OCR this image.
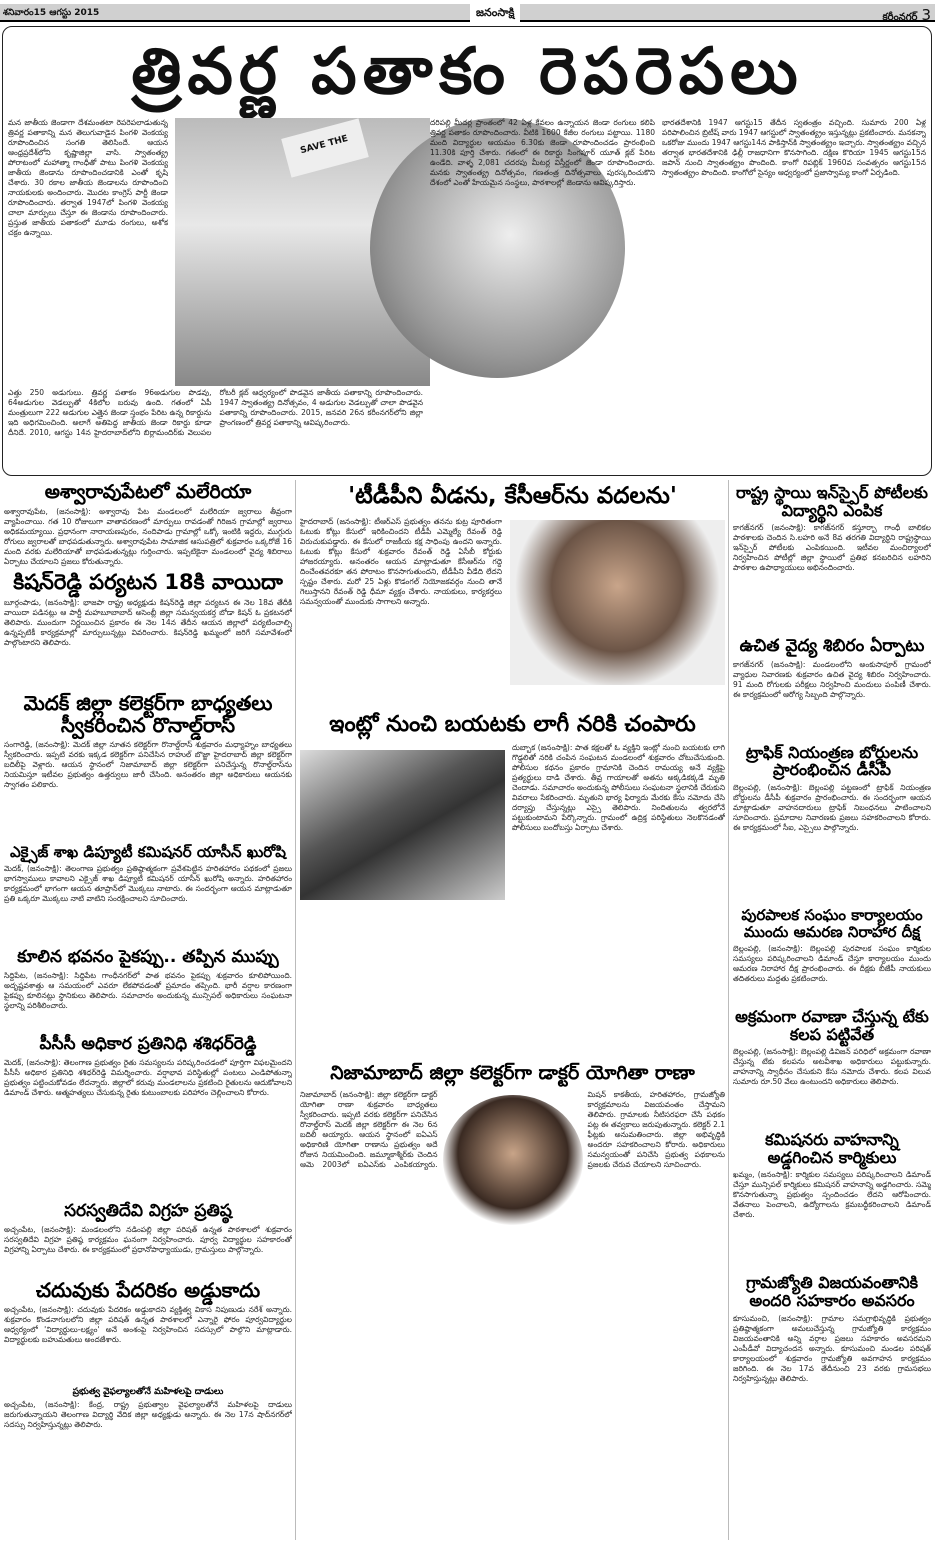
శనివారం15 ఆగస్టు 2015	జనంసాక్షి	కరీంనగర్ 3
త్రివర్ణ పతాకం రెపరెపలు
మన జాతీయ జెండాగా దేశమంతటా రెపరెపలాడుతున్న త్రివర్ణ పతాకాన్ని మన తెలుగువాడైన పింగళి వెంకయ్య రూపొందించిన సంగతి తెలిసిందే. ఆయన ఆంధ్రప్రదేశ్‌లోని కృష్ణాజిల్లా వాసి. స్వాతంత్య్ర పోరాటంలో మహాత్మా గాంధీతో పాటు పింగళి వెంకయ్య జాతీయ జెండాను రూపొందించడానికి ఎంతో కృషి చేశారు. 30 రకాల జాతీయ జెండాలను రూపొందించి నాయకులకు అందించారు. మొదట కాంగ్రెస్ పార్టీ జెండా రూపొందించారు. తర్వాత 1947లో పింగళి వెంకయ్య చాలా మార్పులు చేస్తూ ఈ జెండాను రూపొందించారు. ప్రస్తుత జాతీయ పతాకంలో మూడు రంగులు, అశోక చక్రం ఉన్నాయి.
SAVE THE
ఎత్తు 250 అడుగులు. త్రివర్ణ పతాకం 96అడుగుల పొడవు, 64అడుగుల వెడల్పుతో 4కిలోల బరువు ఉంది. గతంలో ఏపీ మంత్రులుగా 222 అడుగుల ఎత్తైన జెండా స్తంభం పేరిట ఉన్న రికార్డును ఇది అధిగమించింది. అలాగే అతిపెద్ద జాతీయ జెండా రికార్డు కూడా దీనిదే. 2010, ఆగస్టు 14న హైదరాబాద్‌లోని బిర్లామందిర్‌కు వెలుపల రోటరీ క్లబ్ ఆధ్వర్యంలో పొడవైన జాతీయ పతాకాన్ని రూపొందించారు. 1947 స్వాతంత్య్ర దినోత్సవం, 4 అడుగుల వెడల్పుతో చాలా పొడవైన పతాకాన్ని రూపొందించారు. 2015, జనవరి 26న కరీంనగర్‌లోని జిల్లా ప్రాంగణంలో త్రివర్ణ పతాకాన్ని ఆవిష్కరించారు.
దరిపల్లి మీదర్ల ప్రాంతంలో 42 ఏళ్ల కేవలం ఉన్నాయన జెండా రంగులు కలిపి త్రివర్ణ పతాకం రూపొందించారు. వీటికి 1600 కేజీల రంగులు పట్టాయి. 1180 మంది విద్యార్థుల ఆయమం 6.30కు జెండా రూపొందించడం ప్రారంభించి 11.30కి పూర్తి చేశారు. గతంలో ఈ రికార్డు సింగపూర్ యూత్ క్లబ్ పేరిట ఉండేది. వాళ్ళ 2,081 చదరపు మీటర్ల విస్తీర్ణంలో జెండా రూపొందించారు. మనకు స్వాతంత్య్ర దినోత్సవం, గణతంత్ర దినోత్సవాలు పురస్కరించుకొని దేశంలో ఎంతో హేయమైన సంస్థలు, పాఠశాలల్లో జెండాను ఆవిష్కరిస్తారు.
భారతదేశానికి 1947 ఆగస్టు15 తేదీన స్వతంత్రం వచ్చింది. సుమారు 200 ఏళ్ల పరిపాలించిన బ్రిటీష్ వారు 1947 ఆగస్టులో స్వాతంత్య్రం ఇస్తున్నట్లు ప్రకటించారు. మనకన్నా ఒకరోజు ముందు 1947 ఆగస్టు14న పాకిస్తాన్‌కి స్వాతంత్య్రం ఇచ్చారు. స్వాతంత్య్రం వచ్చిన తర్వాత భారతదేశానికి ఢిల్లీ రాజధానిగా కొనసాగింది. దక్షిణ కొరియా 1945 ఆగస్టు15న జపాన్ నుంచి స్వాతంత్య్రం పొందింది. కాంగో రిపబ్లిక్ 1960వ సంవత్సరం ఆగస్టు15న స్వాతంత్య్రం పొందింది. కాంగోలో సైన్యం ఆధ్వర్యంలో ప్రజాస్వామ్య కాంగో ఏర్పడింది.
అశ్వారావుపేటలో మలేరియా
అశ్వారావుపేట, (జనంసాక్షి): అశ్వారావు పేట మండలంలో మలేరియా జ్వరాలు తీవ్రంగా వ్యాపించాయి. గత 10 రోజులుగా వాతావరణంలో మార్పులు రావడంతో గిరిజన గ్రామాల్లో జ్వరాలు అధికమయ్యాయి. ప్రధానంగా నారాయణపురం, నందిపాడు గ్రామాల్లో ఒక్కో ఇంటికి ఇద్దరు, ముగ్గురు రోగులు జ్వరాలతో బాధపడుతున్నారు. అశ్వారావుపేట సామాజిక ఆసుపత్రిలో శుక్రవారం ఒక్కరోజే 16 మంది వరకు మలేరియాతో బాధపడుతున్నట్లు గుర్తించారు. ఇప్పటికైనా మండలంలో వైద్య శిబిరాలు ఏర్పాటు చేయాలని ప్రజలు కోరుతున్నారు.
కిషన్‌రెడ్డి పర్యటన 18కి వాయిదా
బూర్గంపాడు, (జనంసాక్షి): భాజపా రాష్ట్ర అధ్యక్షుడు కిషన్‌రెడ్డి జిల్లా పర్యటన ఈ నెల 18వ తేదీకి వాయిదా పడినట్లు ఆ పార్టీ మహబూబాబాద్ అసెంబ్లీ జిల్లా సమన్వయకర్త బోడా కిషన్ ఓ ప్రకటనలో తెలిపారు. ముందుగా నిర్ణయించిన ప్రకారం ఈ నెల 14న తేదీన ఆయన జిల్లాలో పర్యటించాల్సి ఉన్నప్పటికీ కార్యక్రమాల్లో మార్పులున్నట్లు వివరించారు. కిషన్‌రెడ్డి ఖమ్మంలో జరిగే సమావేశంలో పాల్గొంటారని తెలిపారు.
మెదక్ జిల్లా కలెక్టర్‌గా బాధ్యతలు స్వీకరించిన రొనాల్డ్‌రాస్
సంగారెడ్డి, (జనంసాక్షి): మెదక్ జిల్లా నూతన కలెక్టర్‌గా రొనాల్డ్‌రాస్ శుక్రవారం మధ్యాహ్నం బాధ్యతలు స్వీకరించారు. ఇప్పటి వరకు ఇక్కడ కలెక్టర్‌గా పనిచేసిన రాహుల్ బొజ్జా హైదరాబాద్ జిల్లా కలెక్టర్‌గా బదిలీపై వెళ్లారు. ఆయన స్థానంలో నిజామాబాద్ జిల్లా కలెక్టర్‌గా పనిచేస్తున్న రొనాల్డ్‌రాస్‌ను నియమిస్తూ ఇటీవల ప్రభుత్వం ఉత్తర్వులు జారీ చేసింది. అనంతరం జిల్లా అధికారులు ఆయనకు స్వాగతం పలికారు.
ఎక్సైజ్ శాఖ డిప్యూటీ కమిషనర్ యాసీన్ ఖురోషి
మెదక్, (జనంసాక్షి): తెలంగాణ ప్రభుత్వం ప్రతిష్ఠాత్మకంగా ప్రవేశపెట్టిన హరితహారం పథకంలో ప్రజలు భాగస్వాములు కావాలని ఎక్సైజ్ శాఖ డిప్యూటీ కమిషనర్ యాసీన్ ఖురోషి అన్నారు. హరితహారం కార్యక్రమంలో భాగంగా ఆయన తూప్రాన్‌లో మొక్కలు నాటారు. ఈ సందర్భంగా ఆయన మాట్లాడుతూ ప్రతి ఒక్కరూ మొక్కలు నాటి వాటిని సంరక్షించాలని సూచించారు.
కూలిన భవనం పైకప్పు.. తప్పిన ముప్పు
సిద్దిపేట, (జనంసాక్షి): సిద్దిపేట గాంధీనగర్‌లో పాత భవనం పైకప్పు శుక్రవారం కూలిపోయింది. అదృష్టవశాత్తు ఆ సమయంలో ఎవరూ లేకపోవడంతో ప్రమాదం తప్పింది. భారీ వర్షాల కారణంగా పైకప్పు కూలినట్లు స్థానికులు తెలిపారు. సమాచారం అందుకున్న మున్సిపల్ అధికారులు సంఘటనా స్థలాన్ని పరిశీలించారు.
పీసీసీ అధికార ప్రతినిధి శశిధర్‌రెడ్డి
మెదక్, (జనంసాక్షి): తెలంగాణ ప్రభుత్వం రైతు సమస్యలను పరిష్కరించడంలో పూర్తిగా విఫలమైందని పీసీసీ అధికార ప్రతినిధి శశిధర్‌రెడ్డి విమర్శించారు. వర్షాభావ పరిస్థితుల్లో పంటలు ఎండిపోతున్నా ప్రభుత్వం పట్టించుకోవడం లేదన్నారు. జిల్లాలో కరువు మండలాలను ప్రకటించి రైతులను ఆదుకోవాలని డిమాండ్ చేశారు. ఆత్మహత్యలు చేసుకున్న రైతు కుటుంబాలకు పరిహారం చెల్లించాలని కోరారు.
సరస్వతిదేవి విగ్రహ ప్రతిష్ఠ
అచ్చంపేట, (జనంసాక్షి): మండలంలోని నడింపల్లి జిల్లా పరిషత్ ఉన్నత పాఠశాలలో శుక్రవారం సరస్వతిదేవి విగ్రహ ప్రతిష్ఠ కార్యక్రమం ఘనంగా నిర్వహించారు. పూర్వ విద్యార్థుల సహకారంతో విగ్రహాన్ని ఏర్పాటు చేశారు. ఈ కార్యక్రమంలో ప్రధానోపాధ్యాయుడు, గ్రామస్తులు పాల్గొన్నారు.
చదువుకు పేదరికం అడ్డుకాదు
అచ్చంపేట, (జనంసాక్షి): చదువుకు పేదరికం అడ్డుకాదని వ్యక్తిత్వ వికాస నిపుణుడు నరేశ్ అన్నారు. శుక్రవారం కొండనాగులలోని జిల్లా పరిషత్ ఉన్నత పాఠశాలలో ఎన్నారై ఫోరం పూర్వవిద్యార్థుల ఆధ్వర్యంలో 'విద్యార్థులు-లక్ష్యం' అనే అంశంపై నిర్వహించిన సదస్సులో పాల్గొని మాట్లాడారు. విద్యార్థులకు బహుమతులు అందజేశారు.
ప్రభుత్వ వైఫల్యాలతోనే మహిళలపై దాడులు
అచ్చంపేట, (జనంసాక్షి): కేంద్ర, రాష్ట్ర ప్రభుత్వాల వైఫల్యాలతోనే మహిళలపై దాడులు జరుగుతున్నాయని తెలంగాణ విద్యార్థి వేదిక జిల్లా అధ్యక్షుడు అన్నారు. ఈ నెల 17న షాద్‌నగర్‌లో సదస్సు నిర్వహిస్తున్నట్లు తెలిపారు.
'టీడీపీని వీడను, కేసీఆర్‌ను వదలను'
హైదరాబాద్ (జనంసాక్షి): టీఆర్‌ఎస్ ప్రభుత్వం తనను కుట్ర పూరితంగా ఓటుకు కోట్లు కేసులో ఇరికించిందని టీడీపీ ఎమ్మెల్యే రేవంత్ రెడ్డి విరుచుకుపడ్డారు. ఈ కేసులో రాజకీయ కక్ష సాధింపు ఉందని అన్నారు. ఓటుకు కోట్లు కేసులో శుక్రవారం రేవంత్ రెడ్డి ఏసీబీ కోర్టుకు హాజరయ్యారు. అనంతరం ఆయన మాట్లాడుతూ కేసీఆర్‌ను గద్దె దించేంతవరకూ తన పోరాటం కొనసాగుతుందని, టీడీపీని వీడేది లేదని స్పష్టం చేశారు. మరో 25 ఏళ్లు కొడంగల్ నియోజకవర్గం నుంచి తానే గెలుస్తానని రేవంత్ రెడ్డి ధీమా వ్యక్తం చేశారు. నాయకులు, కార్యకర్తలు సమన్వయంతో ముందుకు సాగాలని అన్నారు.
ఇంట్లో నుంచి బయటకు లాగీ నరికి చంపారు
దుబ్బాక (జనంసాక్షి): పాత కక్షలతో ఓ వ్యక్తిని ఇంట్లో నుంచి బయటకు లాగి గొడ్డలితో నరికి చంపిన సంఘటన మండలంలో శుక్రవారం చోటుచేసుకుంది. పోలీసుల కథనం ప్రకారం గ్రామానికి చెందిన రామయ్య అనే వ్యక్తిపై ప్రత్యర్థులు దాడి చేశారు. తీవ్ర గాయాలతో అతను అక్కడికక్కడే మృతి చెందాడు. సమాచారం అందుకున్న పోలీసులు సంఘటనా స్థలానికి చేరుకుని వివరాలు సేకరించారు. మృతుని భార్య ఫిర్యాదు మేరకు కేసు నమోదు చేసి దర్యాప్తు చేస్తున్నట్లు ఎస్సై తెలిపారు. నిందితులను త్వరలోనే పట్టుకుంటామని పేర్కొన్నారు. గ్రామంలో ఉద్రిక్త పరిస్థితులు నెలకొనడంతో పోలీసులు బందోబస్తు ఏర్పాటు చేశారు.
నిజామాబాద్ జిల్లా కలెక్టర్‌గా డాక్టర్ యోగితా రాణా
నిజామాబాద్ (జనంసాక్షి): జిల్లా కలెక్టర్‌గా డాక్టర్ యోగితా రాణా శుక్రవారం బాధ్యతలు స్వీకరించారు. ఇప్పటి వరకు కలెక్టర్‌గా పనిచేసిన రొనాల్డ్‌రాస్ మెదక్ జిల్లా కలెక్టర్‌గా ఈ నెల 6న బదిలీ అయ్యారు. ఆయన స్థానంలో ఐఏఎస్ అధికారిణి యోగితా రాణాను ప్రభుత్వం అదే రోజున నియమించింది. జమ్మూకాశ్మీర్‌కు చెందిన ఆమె 2003లో ఐఏఎస్‌కు ఎంపికయ్యారు. మిషన్ కాకతీయ, హరితహారం, గ్రామజ్యోతి కార్యక్రమాలను విజయవంతం చేస్తామని తెలిపారు. గ్రామాలకు నీటిసరఫరా చేసే పథకం పట్ల ఈ తవ్వకాలు జరుపుతున్నారు. కలెక్టర్ 2.1 ఫీట్లకు అనుమతించారు. జిల్లా అభివృద్ధికి అందరూ సహకరించాలని కోరారు. అధికారులు సమన్వయంతో పనిచేసి ప్రభుత్వ పథకాలను ప్రజలకు చేరువ చేయాలని సూచించారు.
రాష్ట్ర స్థాయి ఇన్‌స్పైర్ పోటీలకు విద్యార్థిని ఎంపిక
కాగజ్‌నగర్ (జనంసాక్షి): కాగజ్‌నగర్ కస్తూర్బా గాంధీ బాలికల పాఠశాలకు చెందిన సి.లహరి అనే 8వ తరగతి విద్యార్థిని రాష్ట్రస్థాయి ఇన్‌స్పైర్ పోటీలకు ఎంపికయింది. ఇటీవల మంచిర్యాలలో నిర్వహించిన పోటీల్లో జిల్లా స్థాయిలో ప్రతిభ కనబరిచిన లహరిని పాఠశాల ఉపాధ్యాయులు అభినందించారు.
ఉచిత వైద్య శిబిరం ఏర్పాటు
కాగజ్‌నగర్ (జనంసాక్షి): మండలంలోని అంకుసాపూర్ గ్రామంలో వ్యాధుల నివారణకు శుక్రవారం ఉచిత వైద్య శిబిరం నిర్వహించారు. 91 మంది రోగులకు పరీక్షలు నిర్వహించి మందులు పంపిణీ చేశారు. ఈ కార్యక్రమంలో ఆరోగ్య సిబ్బంది పాల్గొన్నారు.
ట్రాఫిక్ నియంత్రణ బోర్డులను ప్రారంభించిన డీసీపీ
బెల్లంపల్లి, (జనంసాక్షి): బెల్లంపల్లి పట్టణంలో ట్రాఫిక్ నియంత్రణ బోర్డులను డీసీపీ శుక్రవారం ప్రారంభించారు. ఈ సందర్భంగా ఆయన మాట్లాడుతూ వాహనదారులు ట్రాఫిక్ నిబంధనలు పాటించాలని సూచించారు. ప్రమాదాల నివారణకు ప్రజలు సహకరించాలని కోరారు. ఈ కార్యక్రమంలో సీఐ, ఎస్సైలు పాల్గొన్నారు.
పురపాలక సంఘం కార్యాలయం ముందు ఆమరణ నిరాహార దీక్ష
బెల్లంపల్లి, (జనంసాక్షి): బెల్లంపల్లి పురపాలక సంఘం కార్మికుల సమస్యలు పరిష్కరించాలని డిమాండ్ చేస్తూ కార్యాలయం ముందు ఆమరణ నిరాహార దీక్ష ప్రారంభించారు. ఈ దీక్షకు బీజేపీ నాయకులు తదితరులు మద్దతు ప్రకటించారు.
అక్రమంగా రవాణా చేస్తున్న టేకు కలప పట్టివేత
బెల్లంపల్లి, (జనంసాక్షి): బెల్లంపల్లి డివిజన్ పరిధిలో అక్రమంగా రవాణా చేస్తున్న టేకు కలపను అటవీశాఖ అధికారులు పట్టుకున్నారు. వాహనాన్ని స్వాధీనం చేసుకుని కేసు నమోదు చేశారు. కలప విలువ సుమారు రూ.50 వేలు ఉంటుందని అధికారులు తెలిపారు.
కమిషనరు వాహనాన్ని అడ్డగించిన కార్మికులు
ఖమ్మం, (జనంసాక్షి): కార్మికుల సమస్యలు పరిష్కరించాలని డిమాండ్ చేస్తూ మున్సిపల్ కార్మికులు కమిషనర్ వాహనాన్ని అడ్డగించారు. సమ్మె కొనసాగుతున్నా ప్రభుత్వం స్పందించడం లేదని ఆరోపించారు. వేతనాలు పెంచాలని, ఉద్యోగాలను క్రమబద్ధీకరించాలని డిమాండ్ చేశారు.
గ్రామజ్యోతి విజయవంతానికి అందరి సహకారం అవసరం
కూసుమంచి, (జనంసాక్షి): గ్రామాల సమగ్రాభివృద్ధికి ప్రభుత్వం ప్రతిష్ఠాత్మకంగా అమలుచేస్తున్న గ్రామజ్యోతి కార్యక్రమం విజయవంతానికి అన్ని వర్గాల ప్రజలు సహకారం అవసరమని ఎంపీడీవో విద్యాచందన అన్నారు. కూసుమంచి మండల పరిషత్ కార్యాలయంలో శుక్రవారం గ్రామజ్యోతి అవగాహన కార్యక్రమం జరిగింది. ఈ నెల 17వ తేదీనుంచి 23 వరకు గ్రామసభలు నిర్వహిస్తున్నట్లు తెలిపారు.
